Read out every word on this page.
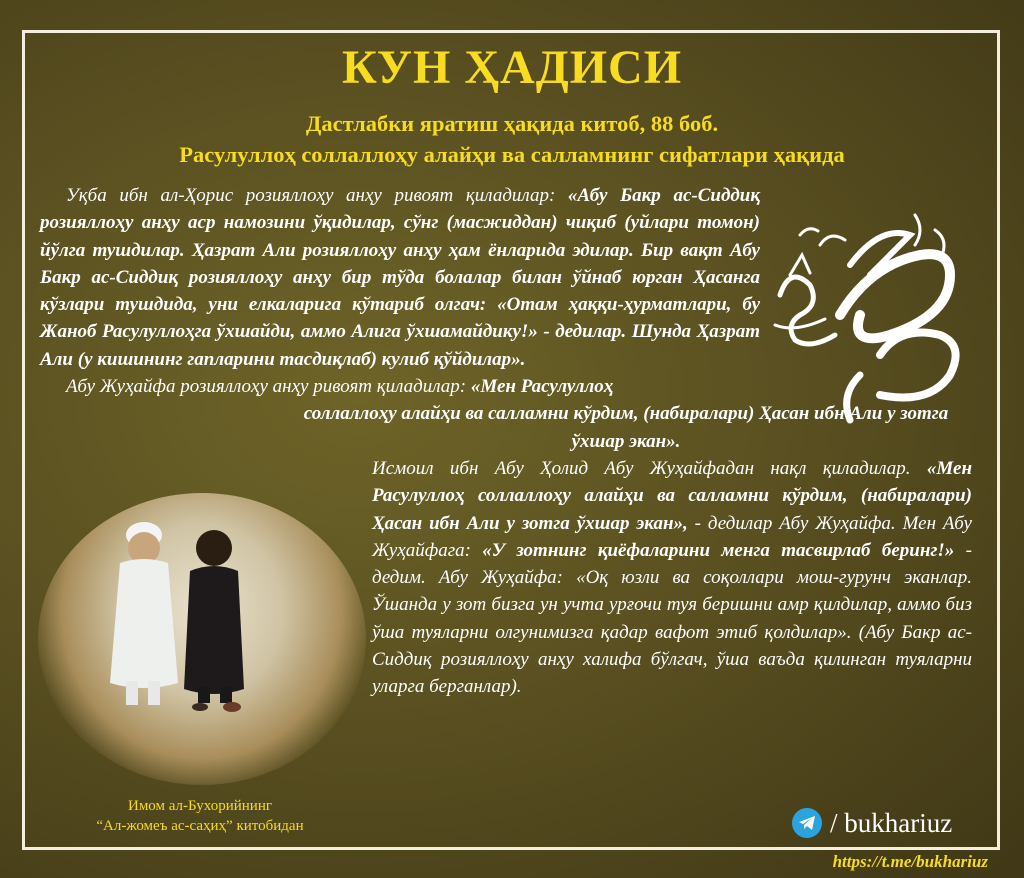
КУН ҲАДИСИ
Дастлабки яратиш ҳақида китоб, 88 боб.
Расулуллоҳ соллаллоҳу алайҳи ва салламнинг сифатлари ҳақида

Уқба ибн ал-Ҳорис розияллоҳу анҳу ривоят қиладилар: «Абу Бакр ас-Сиддиқ розияллоҳу анҳу аср намозини ўқидилар, сўнг (масжиддан) чиқиб (уйлари томон) йўлга тушдилар. Ҳазрат Али розияллоҳу анҳу ҳам ёнларида эдилар. Бир вақт Абу Бакр ас-Сиддиқ розияллоҳу анҳу бир тўда болалар билан ўйнаб юрган Ҳасанга кўзлари тушдида, уни елкаларига кўтариб олгач: «Отам ҳаққи-ҳурматлари, бу Жаноб Расулуллоҳга ўхшайди, аммо Алига ўхшамайдику!» - дедилар. Шунда Ҳазрат Али (у кишининг гапларини тасдиқлаб) кулиб қўйдилар».

Абу Жуҳайфа розияллоҳу анҳу ривоят қиладилар: «Мен Расулуллоҳ

соллаллоҳу алайҳи ва салламни кўрдим, (набиралари) Ҳасан ибн Али у зотга ўхшар экан».

Исмоил ибн Абу Ҳолид Абу Жуҳайфадан нақл қиладилар. «Мен Расулуллоҳ соллаллоҳу алайҳи ва салламни кўрдим, (набиралари) Ҳасан ибн Али у зотга ўхшар экан», - дедилар Абу Жуҳайфа. Мен Абу Жуҳайфага: «У зотнинг қиёфаларини менга тасвирлаб беринг!» - дедим. Абу Жуҳайфа: «Оқ юзли ва соқоллари мош-гурунч эканлар. Ўшанда у зот бизга ун учта урғочи туя беришни амр қилдилар, аммо биз ўша туяларни олгунимизга қадар вафот этиб қолдилар». (Абу Бакр ас-Сиддиқ розияллоҳу анҳу халифа бўлгач, ўша ваъда қилинган туяларни уларга берганлар).

Имом ал-Бухорийнинг
“Ал-жомеъ ас-саҳиҳ” китобидан	/ bukhariuz
https://t.me/bukhariuz
